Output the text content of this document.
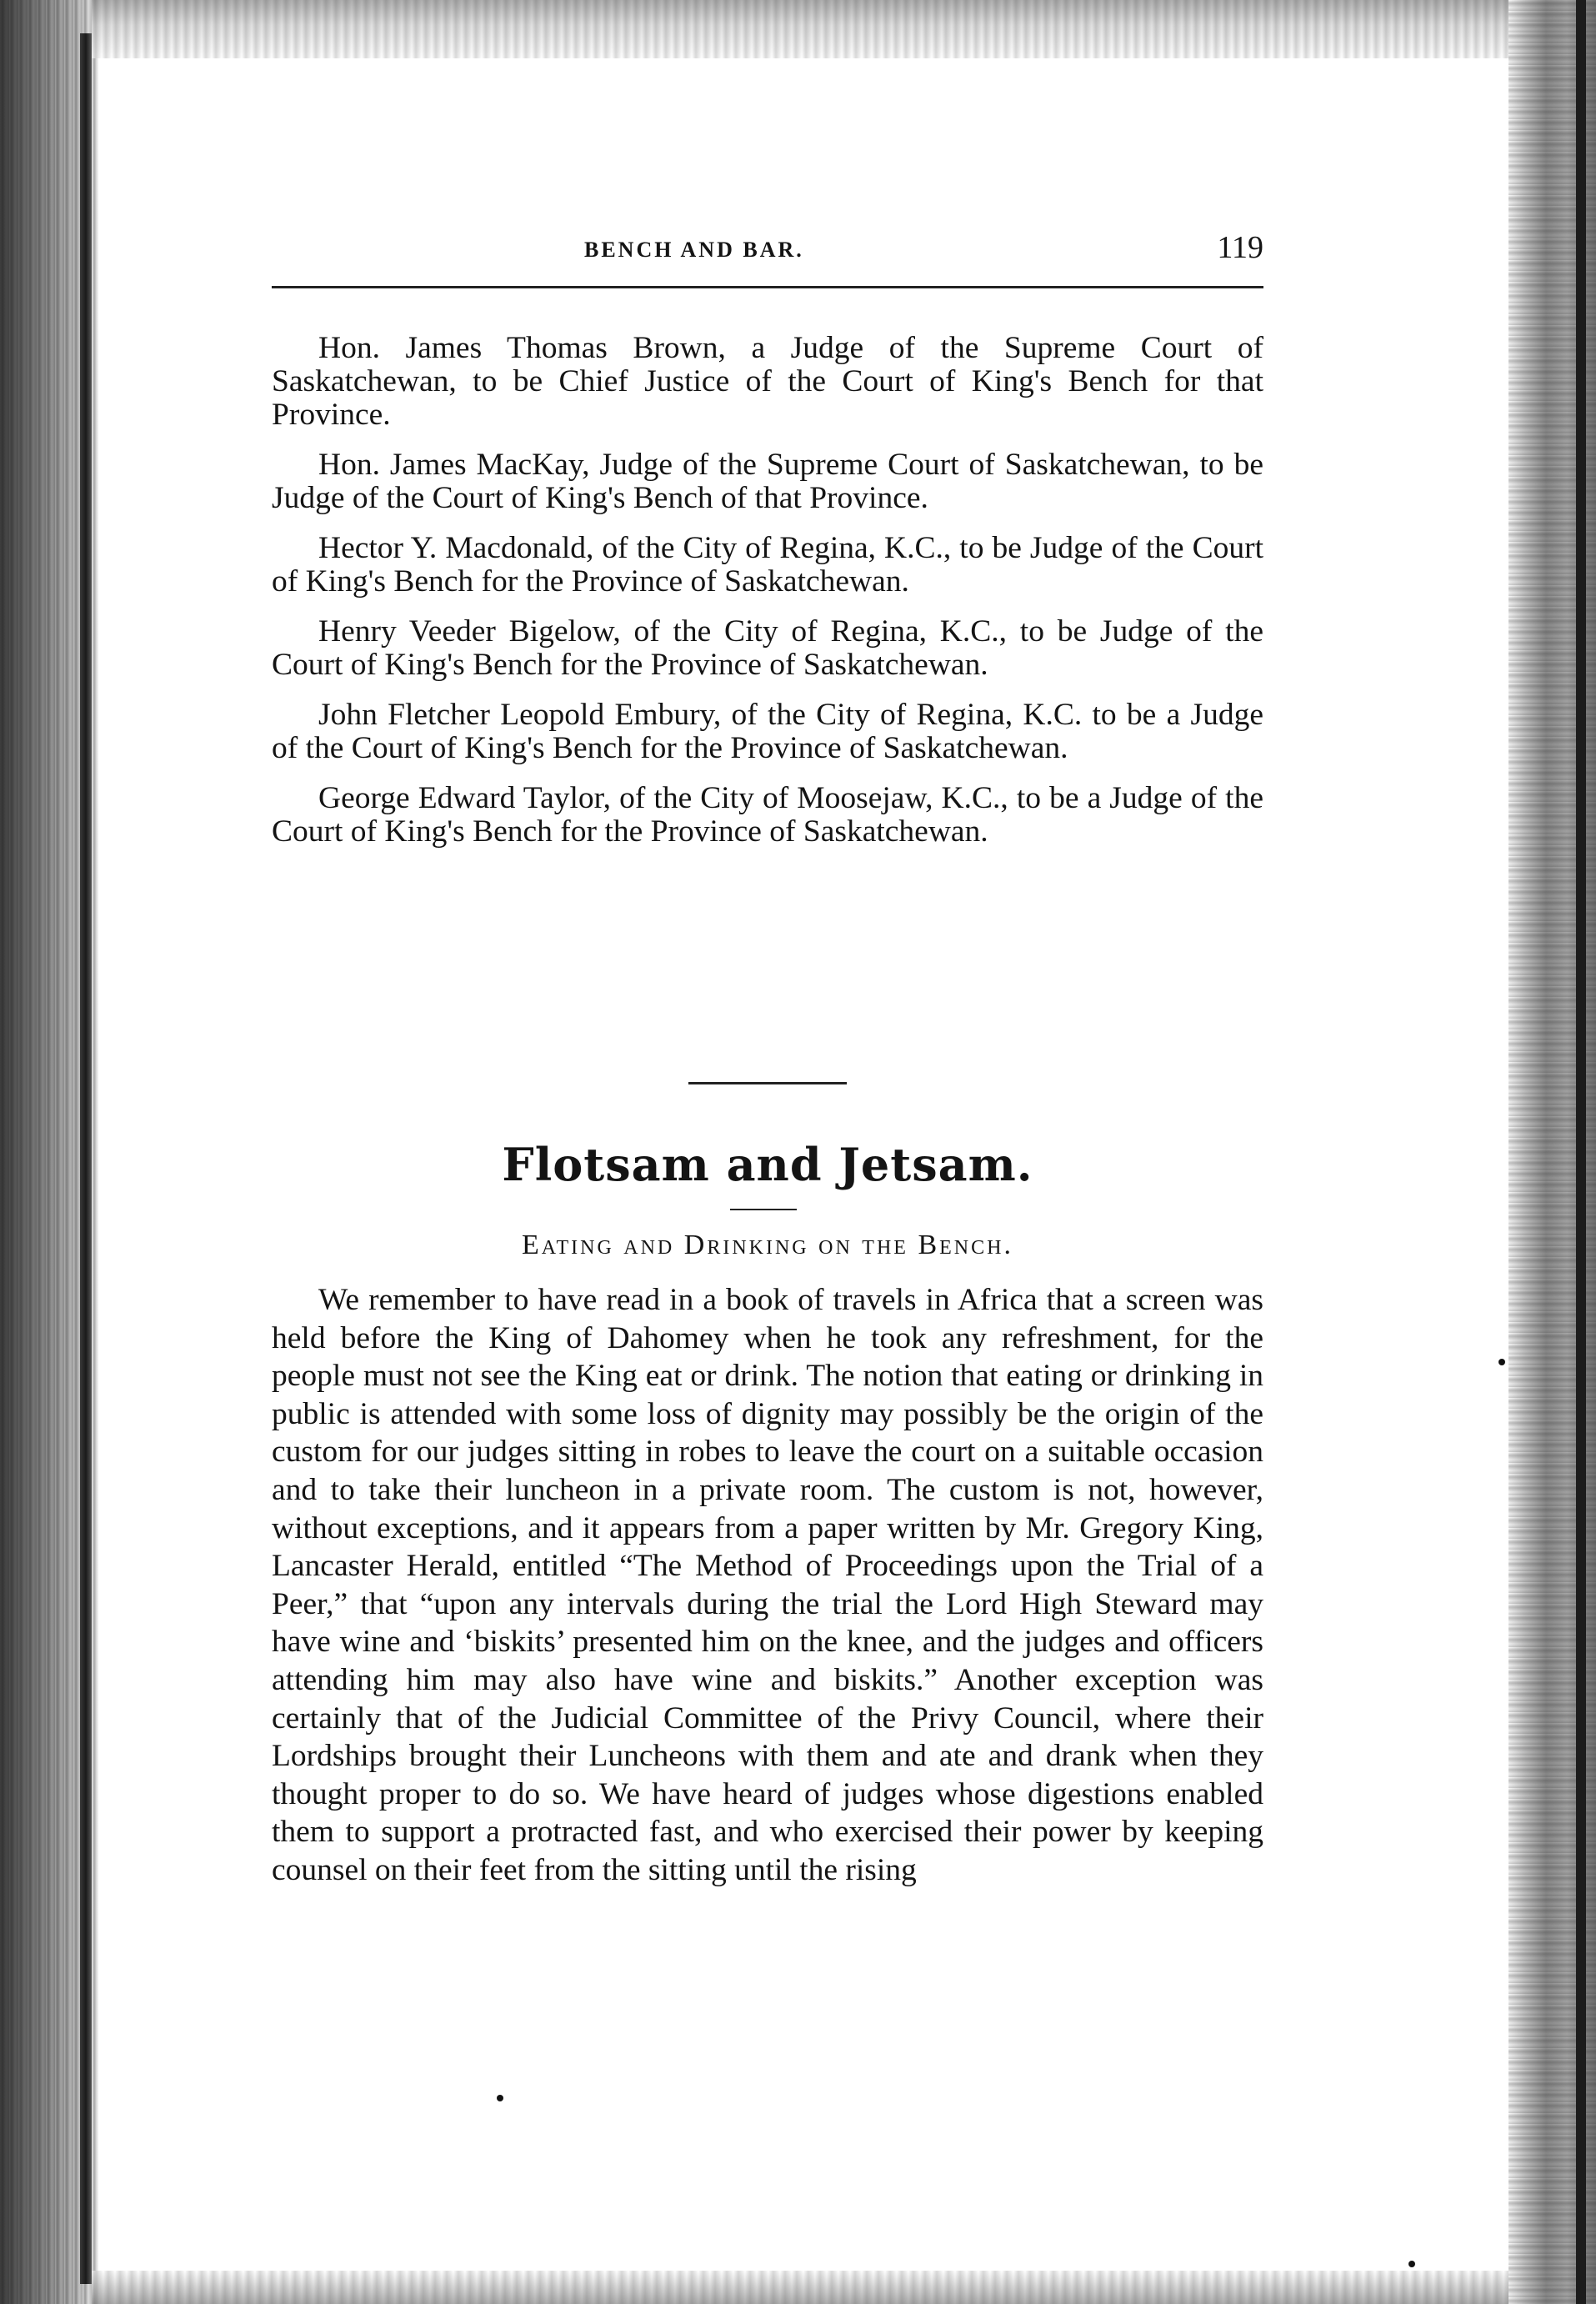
BENCH AND BAR.	119

Hon. James Thomas Brown, a Judge of the Supreme Court of Saskatchewan, to be Chief Justice of the Court of King's Bench for that Province.

Hon. James MacKay, Judge of the Supreme Court of Saskatchewan, to be Judge of the Court of King's Bench of that Province.

Hector Y. Macdonald, of the City of Regina, K.C., to be Judge of the Court of King's Bench for the Province of Saskatchewan.

Henry Veeder Bigelow, of the City of Regina, K.C., to be Judge of the Court of King's Bench for the Province of Saskatchewan.

John Fletcher Leopold Embury, of the City of Regina, K.C. to be a Judge of the Court of King's Bench for the Province of Saskatchewan.

George Edward Taylor, of the City of Moosejaw, K.C., to be a Judge of the Court of King's Bench for the Province of Saskatchewan.

Flotsam and Jetsam.
Eating and Drinking on the Bench.

We remember to have read in a book of travels in Africa that a screen was held before the King of Dahomey when he took any refreshment, for the people must not see the King eat or drink. The notion that eating or drinking in public is attended with some loss of dignity may possibly be the origin of the custom for our judges sitting in robes to leave the court on a suitable occasion and to take their luncheon in a private room. The custom is not, however, without exceptions, and it appears from a paper written by Mr. Gregory King, Lancaster Herald, entitled “The Method of Proceedings upon the Trial of a Peer,” that “upon any intervals during the trial the Lord High Steward may have wine and ‘biskits’ presented him on the knee, and the judges and officers attending him may also have wine and biskits.” Another exception was certainly that of the Judicial Committee of the Privy Council, where their Lordships brought their Luncheons with them and ate and drank when they thought proper to do so. We have heard of judges whose digestions enabled them to support a protracted fast, and who exercised their power by keeping counsel on their feet from the sitting until the rising
